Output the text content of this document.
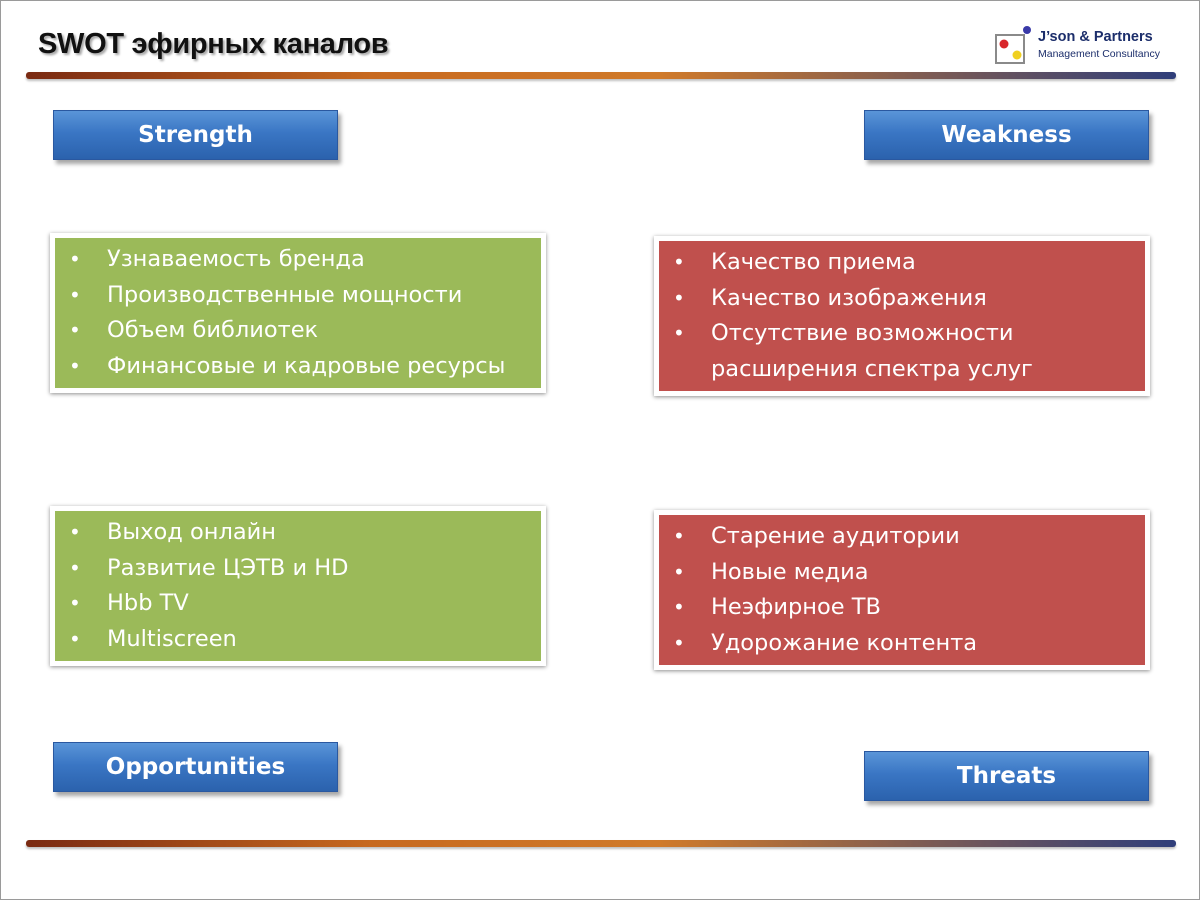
SWOT эфирных каналов	J’son & Partners
Management Consultancy
Strength	Weakness
• Узнаваемость бренда
• Производственные мощности
• Объем библиотек
• Финансовые и кадровые ресурсы
• Качество приема
• Качество изображения
• Отсутствие возможности расширения спектра услуг
• Выход онлайн
• Развитие ЦЭТВ и HD
• Hbb TV
• Multiscreen
• Старение аудитории
• Новые медиа
• Неэфирное ТВ
• Удорожание контента
Opportunities	Threats
